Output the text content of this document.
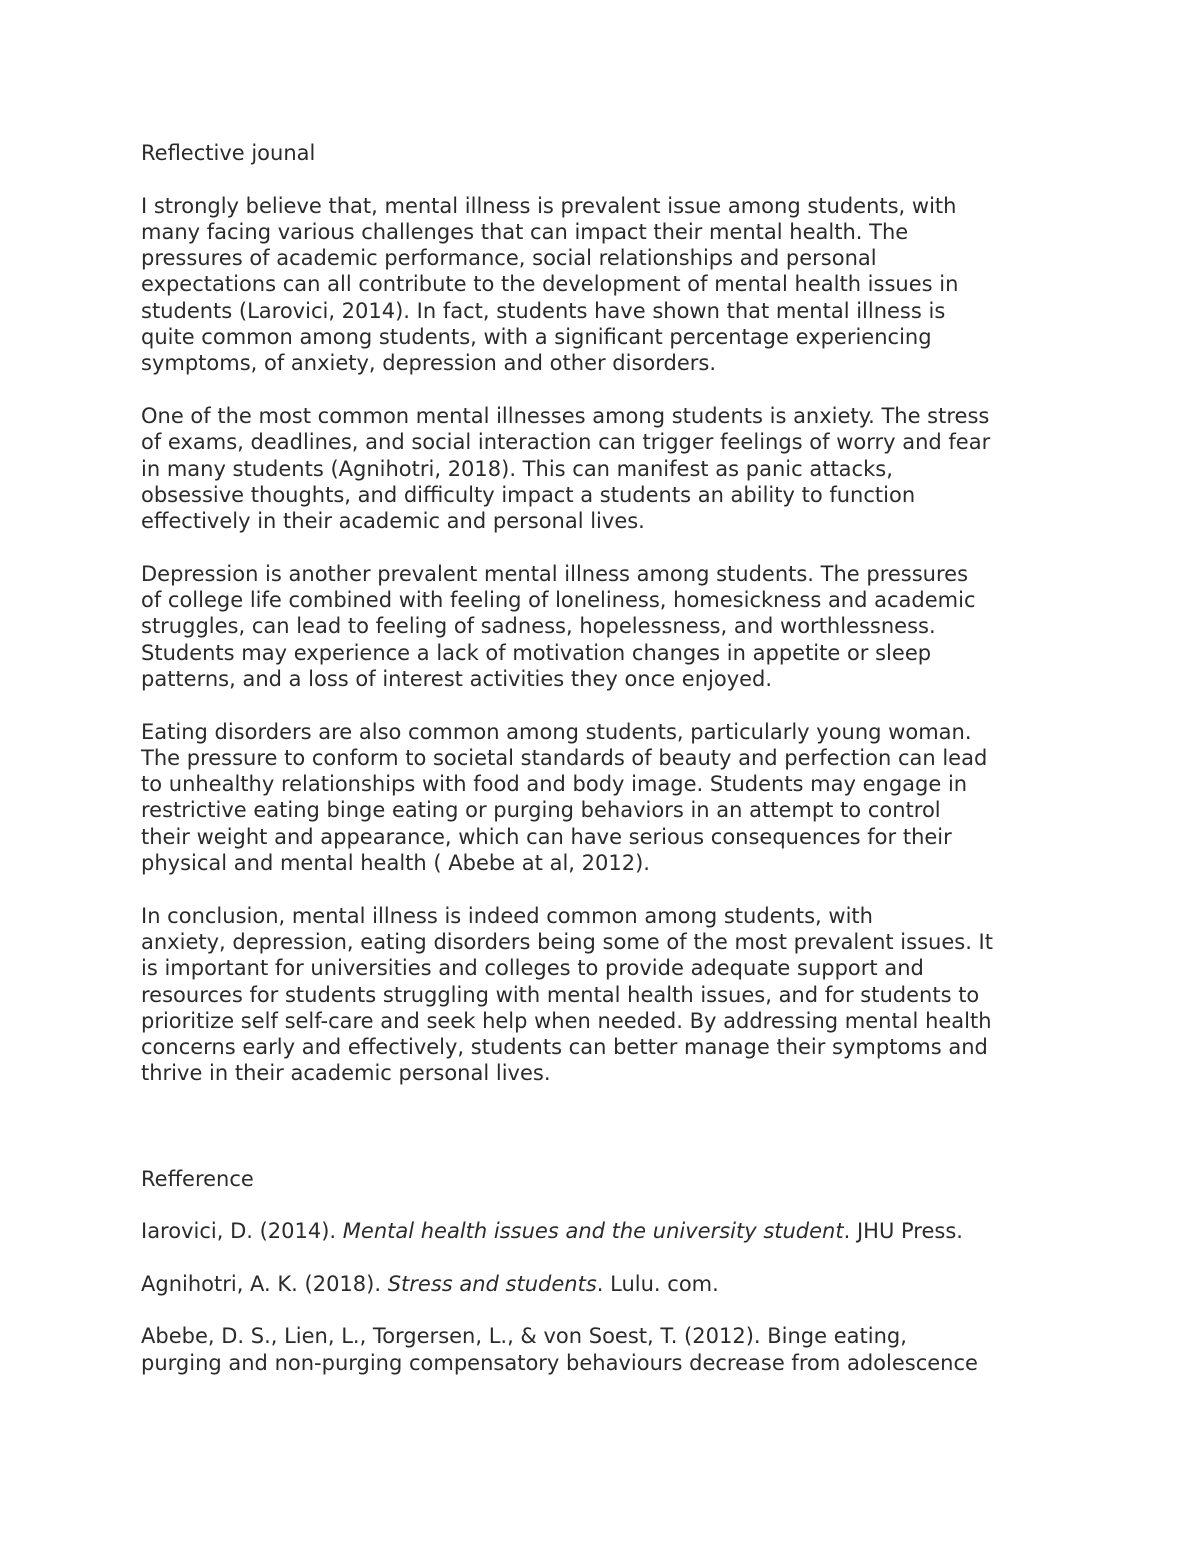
Reflective jounal
I strongly believe that, mental illness is prevalent issue among students, with
many facing various challenges that can impact their mental health. The
pressures of academic performance, social relationships and personal
expectations can all contribute to the development of mental health issues in
students (Larovici, 2014). In fact, students have shown that mental illness is
quite common among students, with a significant percentage experiencing
symptoms, of anxiety, depression and other disorders.
One of the most common mental illnesses among students is anxiety. The stress
of exams, deadlines, and social interaction can trigger feelings of worry and fear
in many students (Agnihotri, 2018). This can manifest as panic attacks,
obsessive thoughts, and difficulty impact a students an ability to function
effectively in their academic and personal lives.
Depression is another prevalent mental illness among students. The pressures
of college life combined with feeling of loneliness, homesickness and academic
struggles, can lead to feeling of sadness, hopelessness, and worthlessness.
Students may experience a lack of motivation changes in appetite or sleep
patterns, and a loss of interest activities they once enjoyed.
Eating disorders are also common among students, particularly young woman.
The pressure to conform to societal standards of beauty and perfection can lead
to unhealthy relationships with food and body image. Students may engage in
restrictive eating binge eating or purging behaviors in an attempt to control
their weight and appearance, which can have serious consequences for their
physical and mental health ( Abebe at al, 2012).
In conclusion, mental illness is indeed common among students, with
anxiety, depression, eating disorders being some of the most prevalent issues. It
is important for universities and colleges to provide adequate support and
resources for students struggling with mental health issues, and for students to
prioritize self self-care and seek help when needed. By addressing mental health
concerns early and effectively, students can better manage their symptoms and
thrive in their academic personal lives.
Refference
Iarovici, D. (2014). Mental health issues and the university student. JHU Press.
Agnihotri, A. K. (2018). Stress and students. Lulu. com.
Abebe, D. S., Lien, L., Torgersen, L., & von Soest, T. (2012). Binge eating,
purging and non-purging compensatory behaviours decrease from adolescence
